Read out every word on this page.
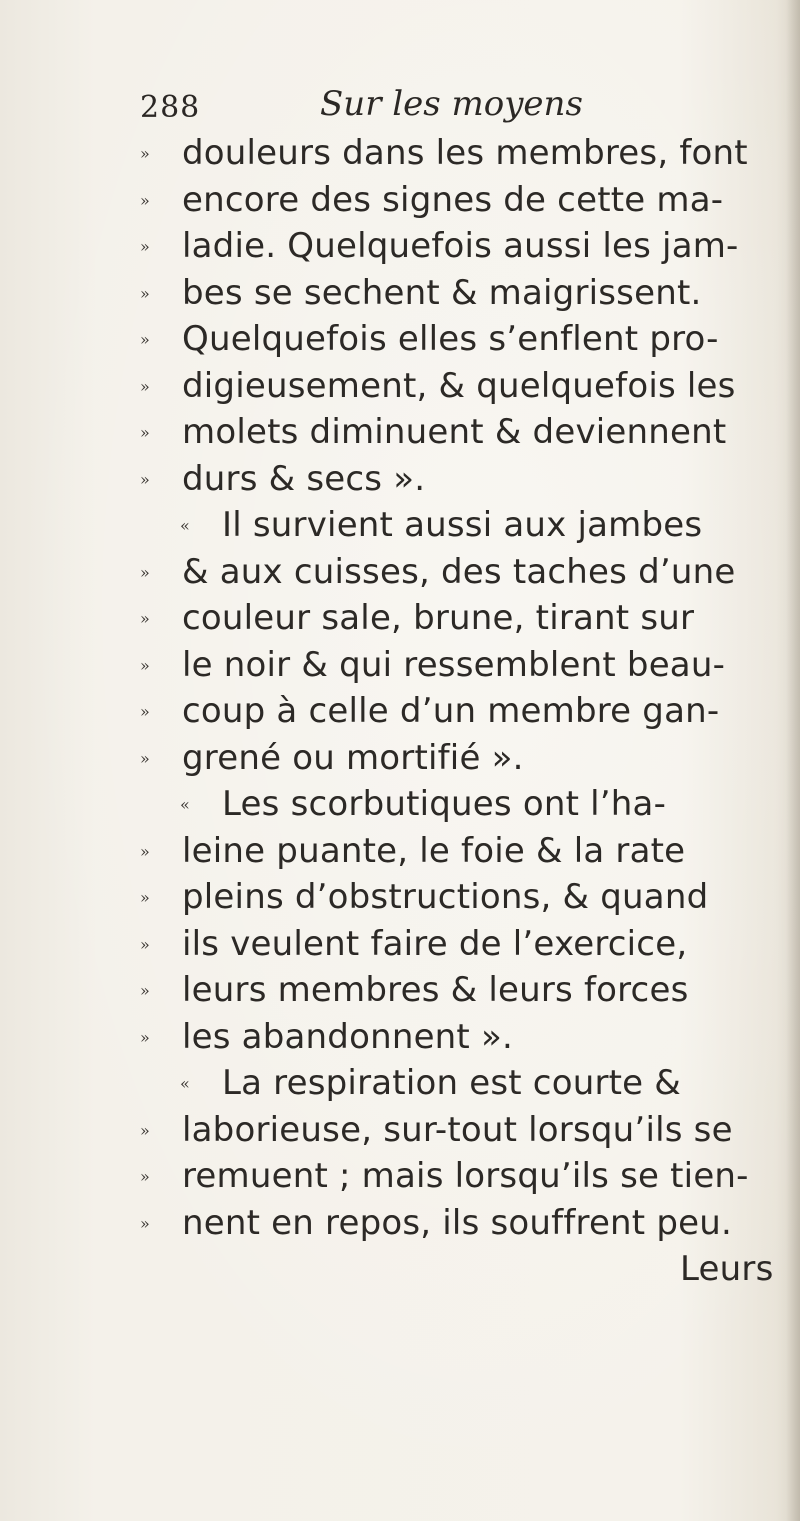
288	Sur les moyens
» douleurs dans les membres, font
» encore des signes de cette ma-
» ladie. Quelquefois aussi les jam-
» bes se sechent & maigrissent.
» Quelquefois elles s’enflent pro-
» digieusement, & quelquefois les
» molets diminuent & deviennent
» durs & secs ».
« Il survient aussi aux jambes
» & aux cuisses, des taches d’une
» couleur sale, brune, tirant sur
» le noir & qui ressemblent beau-
» coup à celle d’un membre gan-
» grené ou mortifié ».
« Les scorbutiques ont l’ha-
» leine puante, le foie & la rate
» pleins d’obstructions, & quand
» ils veulent faire de l’exercice,
» leurs membres & leurs forces
» les abandonnent ».
« La respiration est courte &
» laborieuse, sur-tout lorsqu’ils se
» remuent ; mais lorsqu’ils se tien-
» nent en repos, ils souffrent peu.
Leurs
